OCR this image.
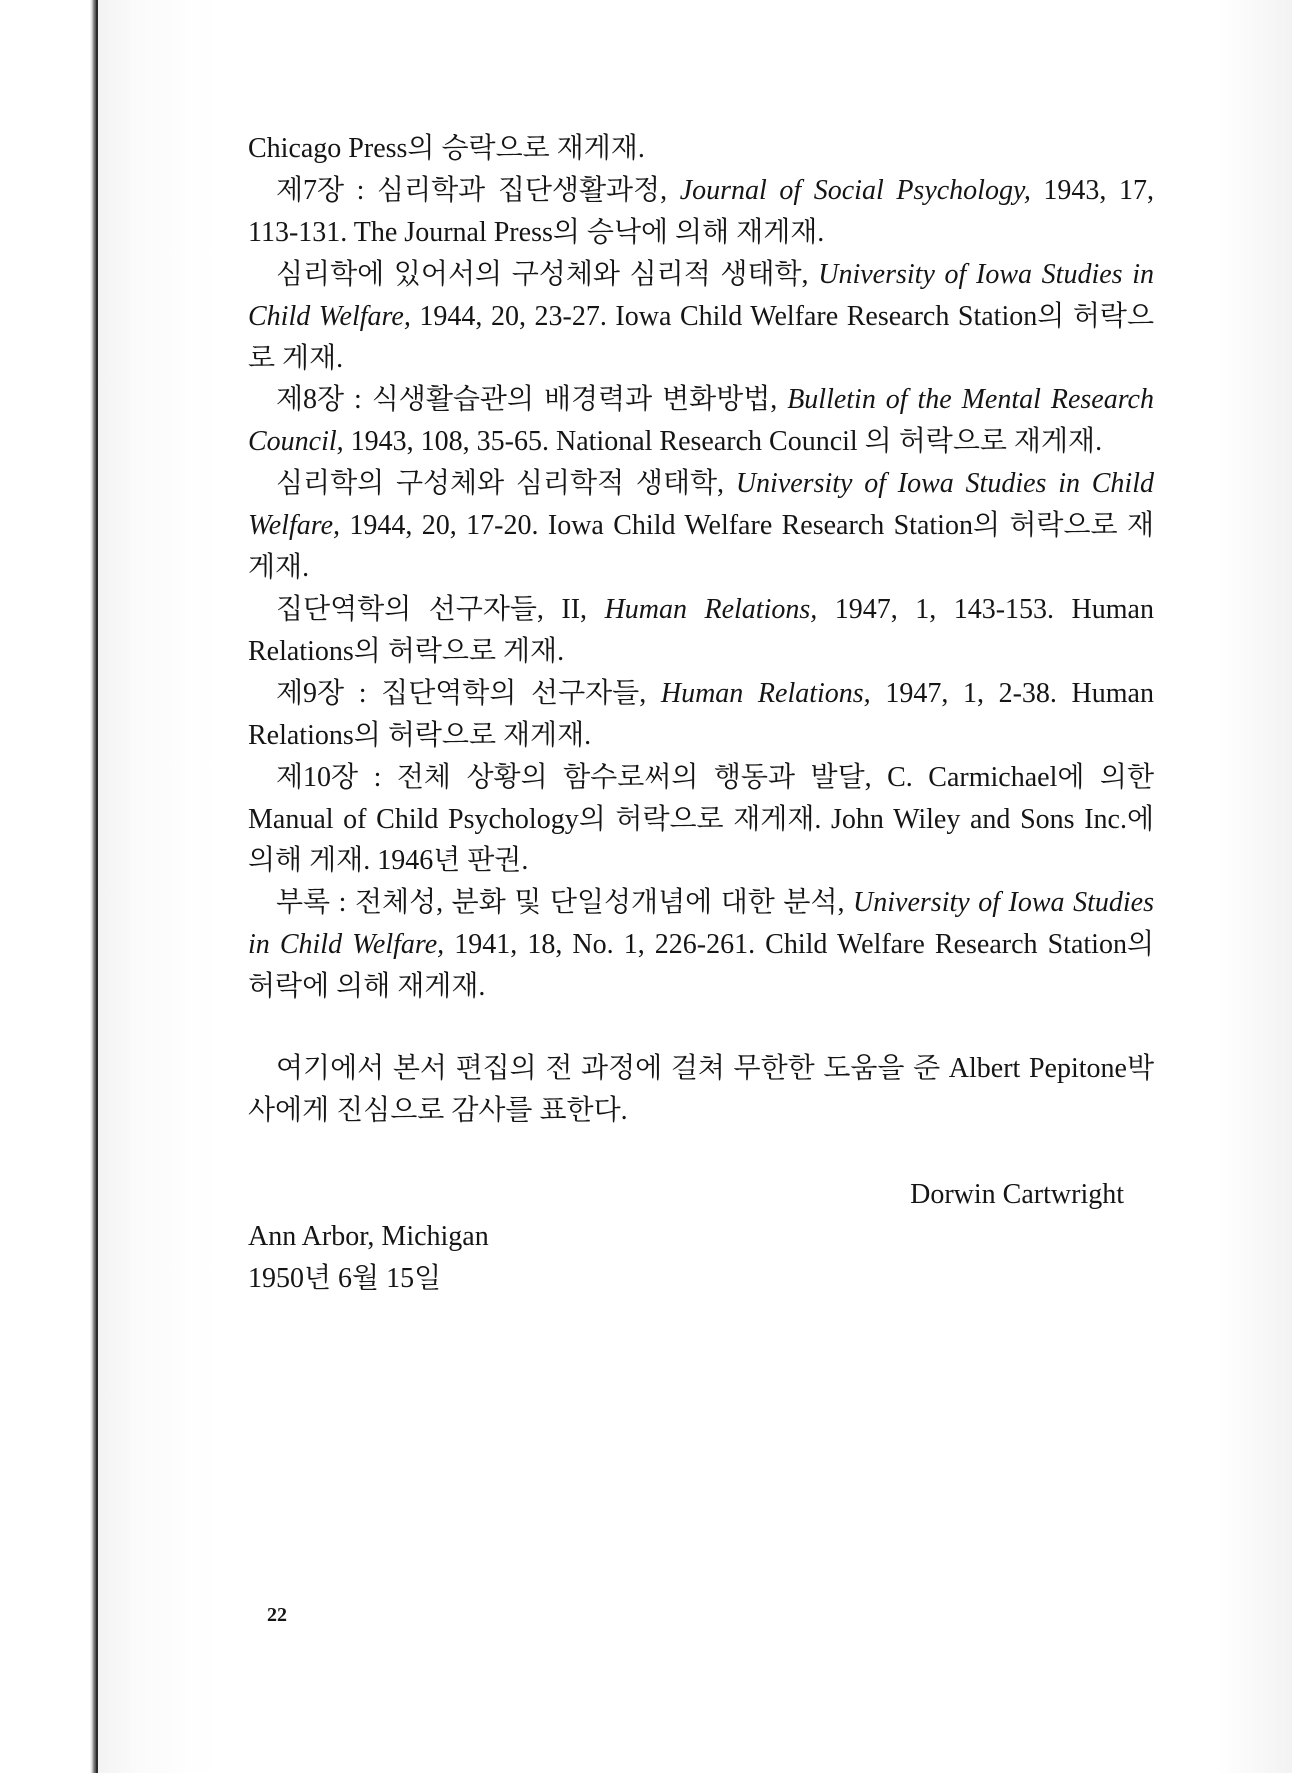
Chicago Press의 승락으로 재게재.

제7장 : 심리학과 집단생활과정, Journal of Social Psychology, 1943, 17, 113-131. The Journal Press의 승낙에 의해 재게재.

심리학에 있어서의 구성체와 심리적 생태학, University of Iowa Studies in Child Welfare, 1944, 20, 23-27. Iowa Child Welfare Research Station의 허락으로 게재.

제8장 : 식생활습관의 배경력과 변화방법, Bulletin of the Mental Research Council, 1943, 108, 35-65. National Research Council 의 허락으로 재게재.

심리학의 구성체와 심리학적 생태학, University of Iowa Studies in Child Welfare, 1944, 20, 17-20. Iowa Child Welfare Research Station의 허락으로 재게재.

집단역학의 선구자들, II, Human Relations, 1947, 1, 143-153. Human Relations의 허락으로 게재.

제9장 : 집단역학의 선구자들, Human Relations, 1947, 1, 2-38. Human Relations의 허락으로 재게재.

제10장 : 전체 상황의 함수로써의 행동과 발달, C. Carmichael에 의한 Manual of Child Psychology의 허락으로 재게재. John Wiley and Sons Inc.에 의해 게재. 1946년 판권.

부록 : 전체성, 분화 및 단일성개념에 대한 분석, University of Iowa Studies in Child Welfare, 1941, 18, No. 1, 226-261. Child Welfare Research Station의 허락에 의해 재게재.

여기에서 본서 편집의 전 과정에 걸쳐 무한한 도움을 준 Albert Pepitone박사에게 진심으로 감사를 표한다.

Dorwin Cartwright

Ann Arbor, Michigan

1950년 6월 15일

22
